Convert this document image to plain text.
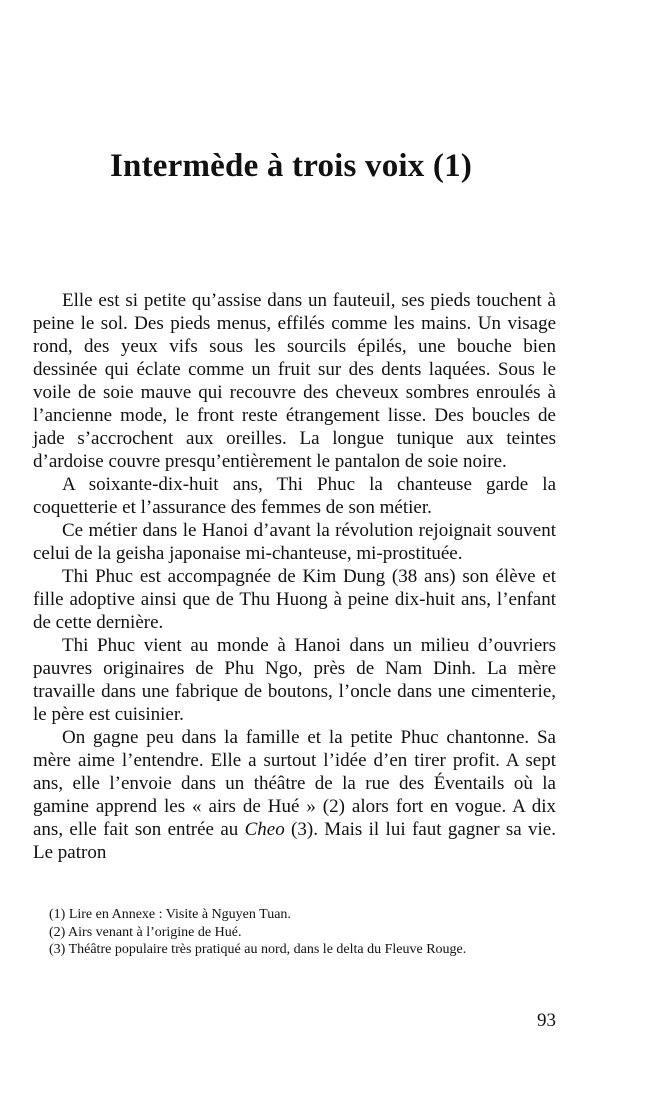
Intermède à trois voix (1)

Elle est si petite qu’assise dans un fauteuil, ses pieds touchent à peine le sol. Des pieds menus, effilés comme les mains. Un visage rond, des yeux vifs sous les sourcils épilés, une bouche bien dessinée qui éclate comme un fruit sur des dents laquées. Sous le voile de soie mauve qui recouvre des cheveux sombres enroulés à l’ancienne mode, le front reste étrangement lisse. Des boucles de jade s’accrochent aux oreilles. La longue tunique aux teintes d’ardoise couvre presqu’entièrement le pantalon de soie noire.

A soixante-dix-huit ans, Thi Phuc la chanteuse garde la coquetterie et l’assurance des femmes de son métier.

Ce métier dans le Hanoi d’avant la révolution rejoignait souvent celui de la geisha japonaise mi-chanteuse, mi-prostituée.

Thi Phuc est accompagnée de Kim Dung (38 ans) son élève et fille adoptive ainsi que de Thu Huong à peine dix-huit ans, l’enfant de cette dernière.

Thi Phuc vient au monde à Hanoi dans un milieu d’ouvriers pauvres originaires de Phu Ngo, près de Nam Dinh. La mère travaille dans une fabrique de boutons, l’oncle dans une cimenterie, le père est cuisinier.

On gagne peu dans la famille et la petite Phuc chantonne. Sa mère aime l’entendre. Elle a surtout l’idée d’en tirer profit. A sept ans, elle l’envoie dans un théâtre de la rue des Éventails où la gamine apprend les « airs de Hué » (2) alors fort en vogue. A dix ans, elle fait son entrée au Cheo (3). Mais il lui faut gagner sa vie. Le patron

(1) Lire en Annexe : Visite à Nguyen Tuan.

(2) Airs venant à l’origine de Hué.

(3) Théâtre populaire très pratiqué au nord, dans le delta du Fleuve Rouge.

93
